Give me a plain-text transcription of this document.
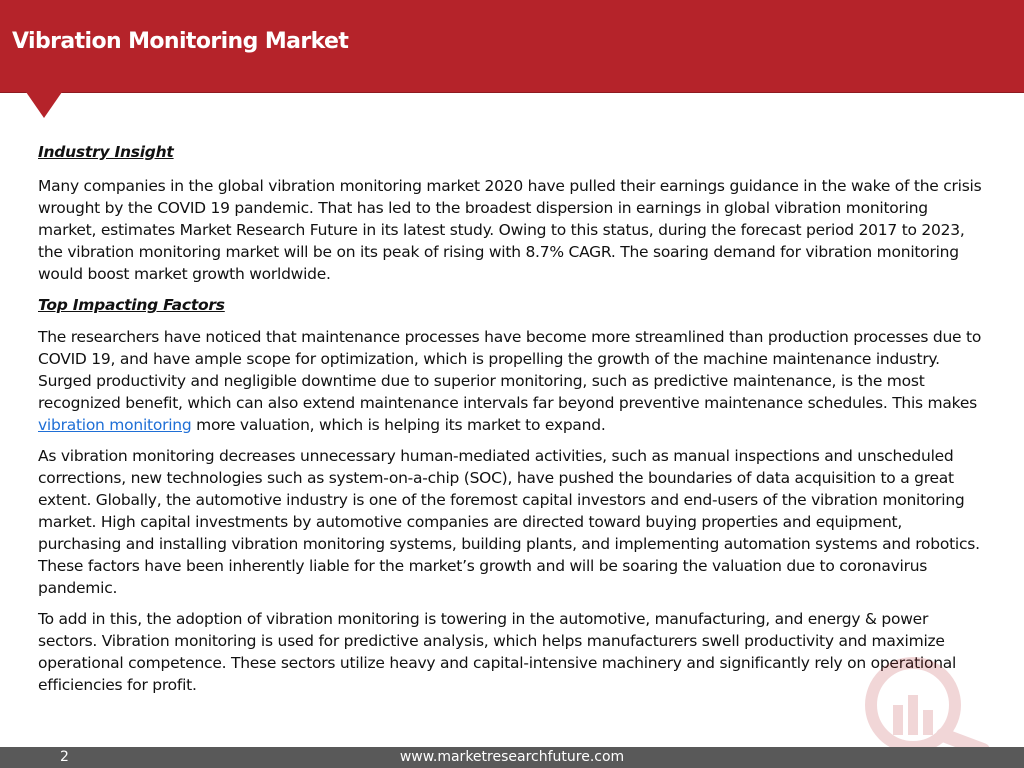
Vibration Monitoring Market

Industry Insight

Many companies in the global vibration monitoring market 2020 have pulled their earnings guidance in the wake of the crisis wrought by the COVID 19 pandemic. That has led to the broadest dispersion in earnings in global vibration monitoring market, estimates Market Research Future in its latest study. Owing to this status, during the forecast period 2017 to 2023, the vibration monitoring market will be on its peak of rising with 8.7% CAGR. The soaring demand for vibration monitoring would boost market growth worldwide.

Top Impacting Factors

The researchers have noticed that maintenance processes have become more streamlined than production processes due to COVID 19, and have ample scope for optimization, which is propelling the growth of the machine maintenance industry. Surged productivity and negligible downtime due to superior monitoring, such as predictive maintenance, is the most recognized benefit, which can also extend maintenance intervals far beyond preventive maintenance schedules. This makes vibration monitoring more valuation, which is helping its market to expand.

As vibration monitoring decreases unnecessary human-mediated activities, such as manual inspections and unscheduled corrections, new technologies such as system-on-a-chip (SOC), have pushed the boundaries of data acquisition to a great extent. Globally, the automotive industry is one of the foremost capital investors and end-users of the vibration monitoring market. High capital investments by automotive companies are directed toward buying properties and equipment, purchasing and installing vibration monitoring systems, building plants, and implementing automation systems and robotics. These factors have been inherently liable for the market’s growth and will be soaring the valuation due to coronavirus pandemic.

To add in this, the adoption of vibration monitoring is towering in the automotive, manufacturing, and energy & power sectors. Vibration monitoring is used for predictive analysis, which helps manufacturers swell productivity and maximize operational competence. These sectors utilize heavy and capital-intensive machinery and significantly rely on operational efficiencies for profit.

2	www.marketresearchfuture.com
